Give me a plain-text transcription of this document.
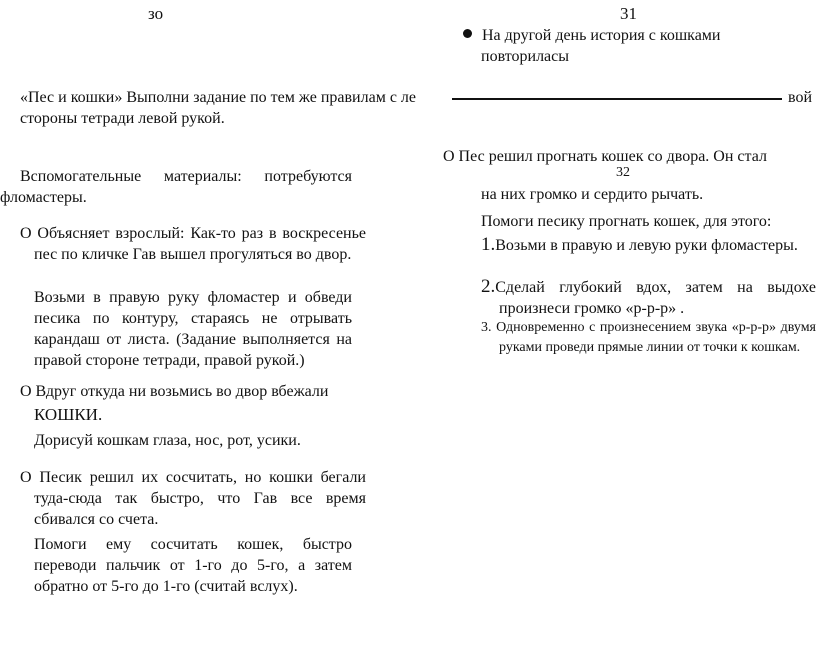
зо	31
На другой день история с кошками
повториласы
«Пес и кошки» Выполни задание по тем же правилам с ле	вой
стороны тетради левой рукой.
Вспомогательные материалы: потребуются фломастеры.
О Объясняет взрослый: Как-то раз в воскресенье пес по кличке Гав вышел прогуляться во двор.
Возьми в правую руку фломастер и обведи песика по контуру, стараясь не отрывать карандаш от листа. (Задание выполняется на правой стороне тетради, правой рукой.)
О Вдруг откуда ни возьмись во двор вбежали
КОШКИ.
Дорисуй кошкам глаза, нос, рот, усики.
О Песик решил их сосчитать, но кошки бегали туда-сюда так быстро, что Гав все время сбивался со счета.
Помоги ему сосчитать кошек, быстро переводи пальчик от 1-го до 5-го, а затем обратно от 5-го до 1-го (считай вслух).
О Пес решил прогнать кошек со двора. Он стал
32
на них громко и сердито рычать.
Помоги песику прогнать кошек, для этого:
1.Возьми в правую и левую руки фломастеры.
2.Сделай глубокий вдох, затем на выдохе произнеси громко «р-р-р» .
3. Одновременно с произнесением звука «р-р-р» двумя руками проведи прямые линии от точки к кошкам.
